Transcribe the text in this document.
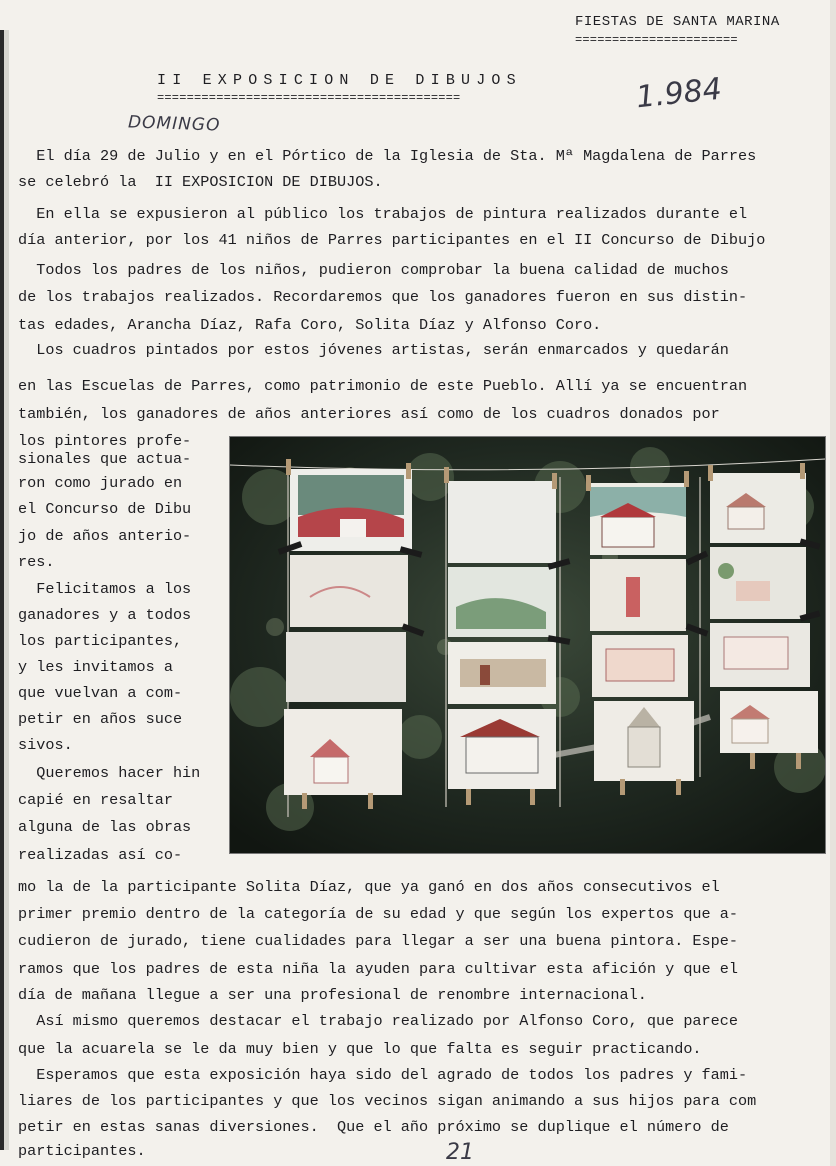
FIESTAS DE SANTA MARINA
======================
II EXPOSICION DE DIBUJOS
=========================================	1.984
DOMINGO
El día 29 de Julio y en el Pórtico de la Iglesia de Sta. Mª Magdalena de Parres
se celebró la  II EXPOSICION DE DIBUJOS.
En ella se expusieron al público los trabajos de pintura realizados durante el
día anterior, por los 41 niños de Parres participantes en el II Concurso de Dibujo
Todos los padres de los niños, pudieron comprobar la buena calidad de muchos
de los trabajos realizados. Recordaremos que los ganadores fueron en sus distin-
tas edades, Arancha Díaz, Rafa Coro, Solita Díaz y Alfonso Coro.
Los cuadros pintados por estos jóvenes artistas, serán enmarcados y quedarán
en las Escuelas de Parres, como patrimonio de este Pueblo. Allí ya se encuentran
también, los ganadores de años anteriores así como de los cuadros donados por
los pintores profe-
sionales que actua-
ron como jurado en
el Concurso de Dibu
jo de años anterio-
res.
Felicitamos a los
ganadores y a todos
los participantes,
y les invitamos a
que vuelvan a com-
petir en años suce
sivos.
Queremos hacer hin
capié en resaltar
alguna de las obras
realizadas así co-
mo la de la participante Solita Díaz, que ya ganó en dos años consecutivos el
primer premio dentro de la categoría de su edad y que según los expertos que a-
cudieron de jurado, tiene cualidades para llegar a ser una buena pintora. Espe-
ramos que los padres de esta niña la ayuden para cultivar esta afición y que el
día de mañana llegue a ser una profesional de renombre internacional.
Así mismo queremos destacar el trabajo realizado por Alfonso Coro, que parece
que la acuarela se le da muy bien y que lo que falta es seguir practicando.
Esperamos que esta exposición haya sido del agrado de todos los padres y fami-
liares de los participantes y que los vecinos sigan animando a sus hijos para com
petir en estas sanas diversiones.  Que el año próximo se duplique el número de
participantes.	21
